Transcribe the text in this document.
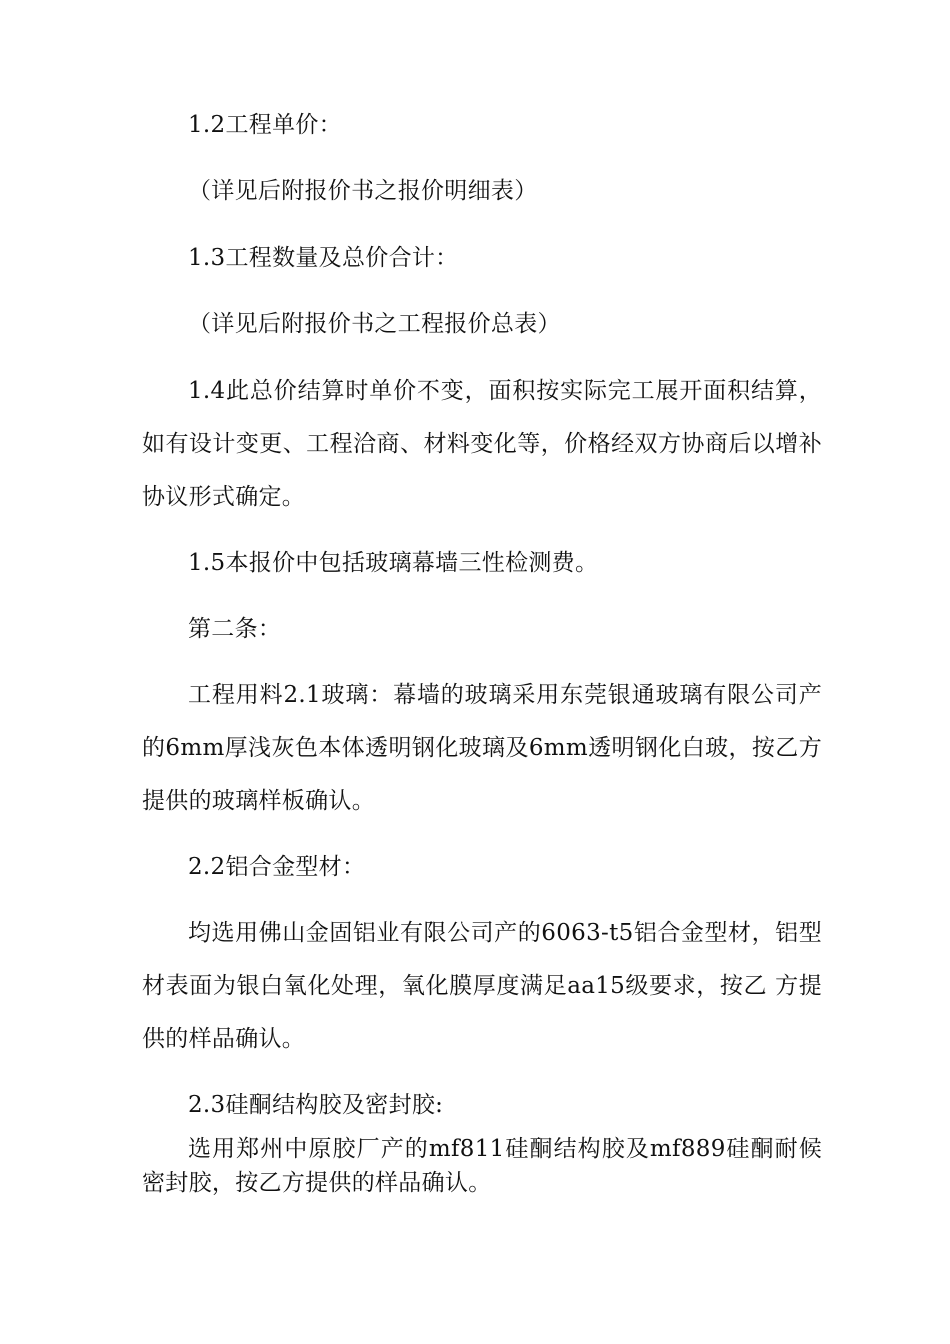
1.2工程单价：

（详见后附报价书之报价明细表）

1.3工程数量及总价合计：

（详见后附报价书之工程报价总表）

1.4此总价结算时单价不变，面积按实际完工展开面积结算，如有设计变更、工程洽商、材料变化等，价格经双方协商后以增补协议形式确定。

1.5本报价中包括玻璃幕墙三性检测费。

第二条：

工程用料2.1玻璃：幕墙的玻璃采用东莞银通玻璃有限公司产的6mm厚浅灰色本体透明钢化玻璃及6mm透明钢化白玻，按乙方提供的玻璃样板确认。

2.2铝合金型材：

均选用佛山金固铝业有限公司产的6063-t5铝合金型材，铝型材表面为银白氧化处理，氧化膜厚度满足aa15级要求，按乙 方提供的样品确认。

2.3硅酮结构胶及密封胶:

选用郑州中原胶厂产的mf811硅酮结构胶及mf889硅酮耐候密封胶，按乙方提供的样品确认。
